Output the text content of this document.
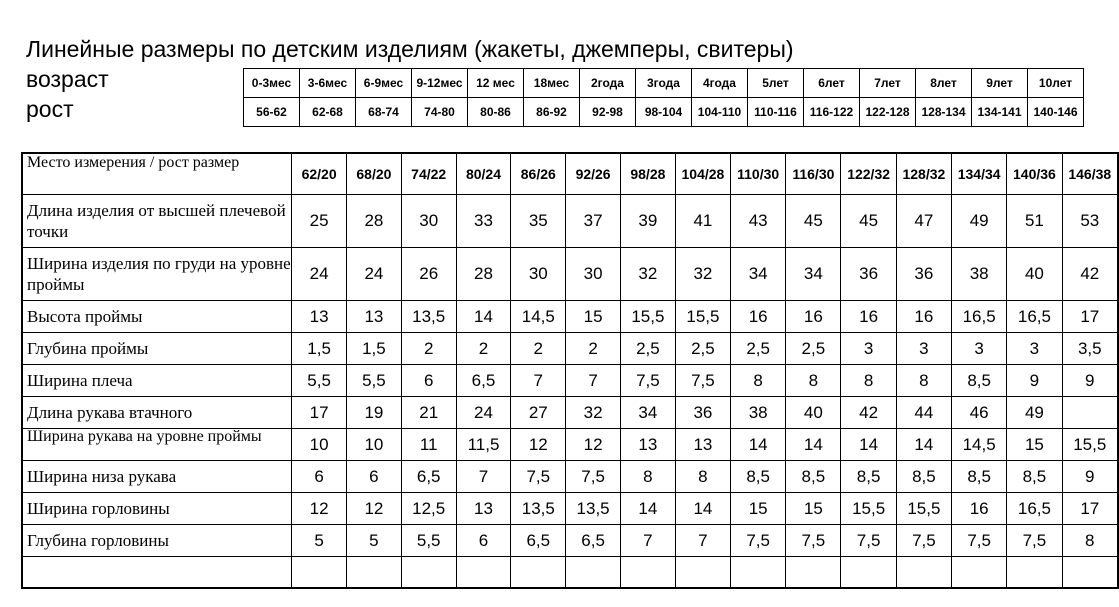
Линейные размеры по детским изделиям (жакеты, джемперы, свитеры)
возраст
рост
0-3мес	3-6мес	6-9мес	9-12мес	12 мес	18мес	2года	3года	4года	5лет	6лет	7лет	8лет	9лет	10лет
56-62	62-68	68-74	74-80	80-86	86-92	92-98	98-104	104-110	110-116	116-122	122-128	128-134	134-141	140-146
Место измерения / рост размер	62/20	68/20	74/22	80/24	86/26	92/26	98/28	104/28	110/30	116/30	122/32	128/32	134/34	140/36	146/38
Длина изделия от высшей плечевой точки	25	28	30	33	35	37	39	41	43	45	45	47	49	51	53
Ширина изделия по груди на уровне проймы	24	24	26	28	30	30	32	32	34	34	36	36	38	40	42
Высота проймы	13	13	13,5	14	14,5	15	15,5	15,5	16	16	16	16	16,5	16,5	17
Глубина проймы	1,5	1,5	2	2	2	2	2,5	2,5	2,5	2,5	3	3	3	3	3,5
Ширина плеча	5,5	5,5	6	6,5	7	7	7,5	7,5	8	8	8	8	8,5	9	9
Длина рукава втачного	17	19	21	24	27	32	34	36	38	40	42	44	46	49	

Ширина рукава на уровне проймы	10	10	11	11,5	12	12	13	13	14	14	14	14	14,5	15	15,5
Ширина низа рукава	6	6	6,5	7	7,5	7,5	8	8	8,5	8,5	8,5	8,5	8,5	8,5	9
Ширина горловины	12	12	12,5	13	13,5	13,5	14	14	15	15	15,5	15,5	16	16,5	17
Глубина горловины	5	5	5,5	6	6,5	6,5	7	7	7,5	7,5	7,5	7,5	7,5	7,5	8
